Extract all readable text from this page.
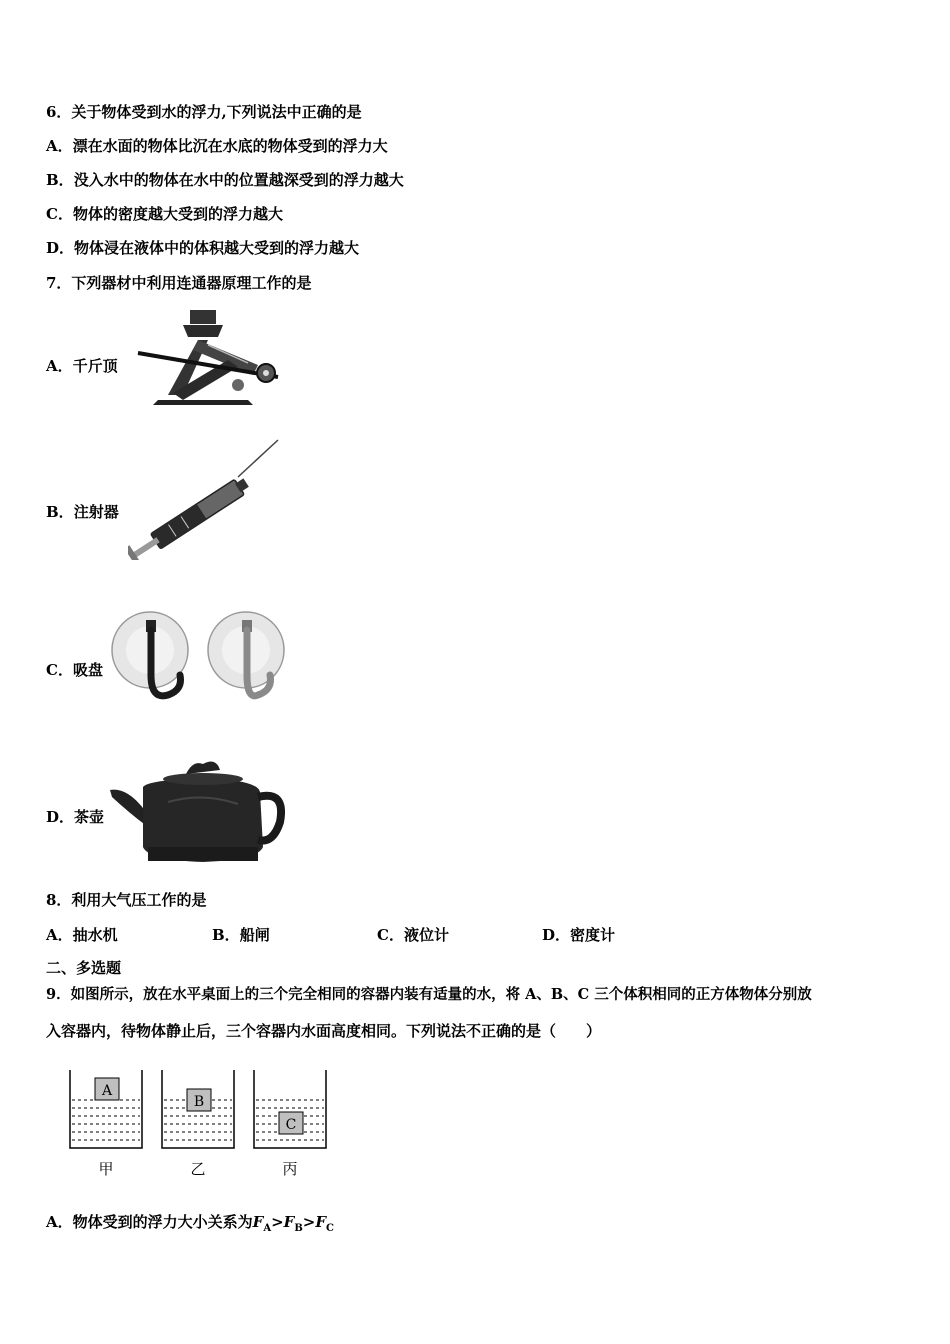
6．关于物体受到水的浮力,下列说法中正确的是
A．漂在水面的物体比沉在水底的物体受到的浮力大
B．没入水中的物体在水中的位置越深受到的浮力越大
C．物体的密度越大受到的浮力越大
D．物体浸在液体中的体积越大受到的浮力越大
7．下列器材中利用连通器原理工作的是
A．千斤顶
B．注射器
C．吸盘
D．茶壶
8．利用大气压工作的是
A．抽水机	B．船闸	C．液位计	D．密度计
二、多选题
9．如图所示，放在水平桌面上的三个完全相同的容器内装有适量的水，将 A、B、C 三个体积相同的正方体物体分别放
入容器内，待物体静止后，三个容器内水面高度相同。下列说法不正确的是（　　）
A
甲
B
乙
C
丙
A．物体受到的浮力大小关系为$F_A>F_B>F_C$
